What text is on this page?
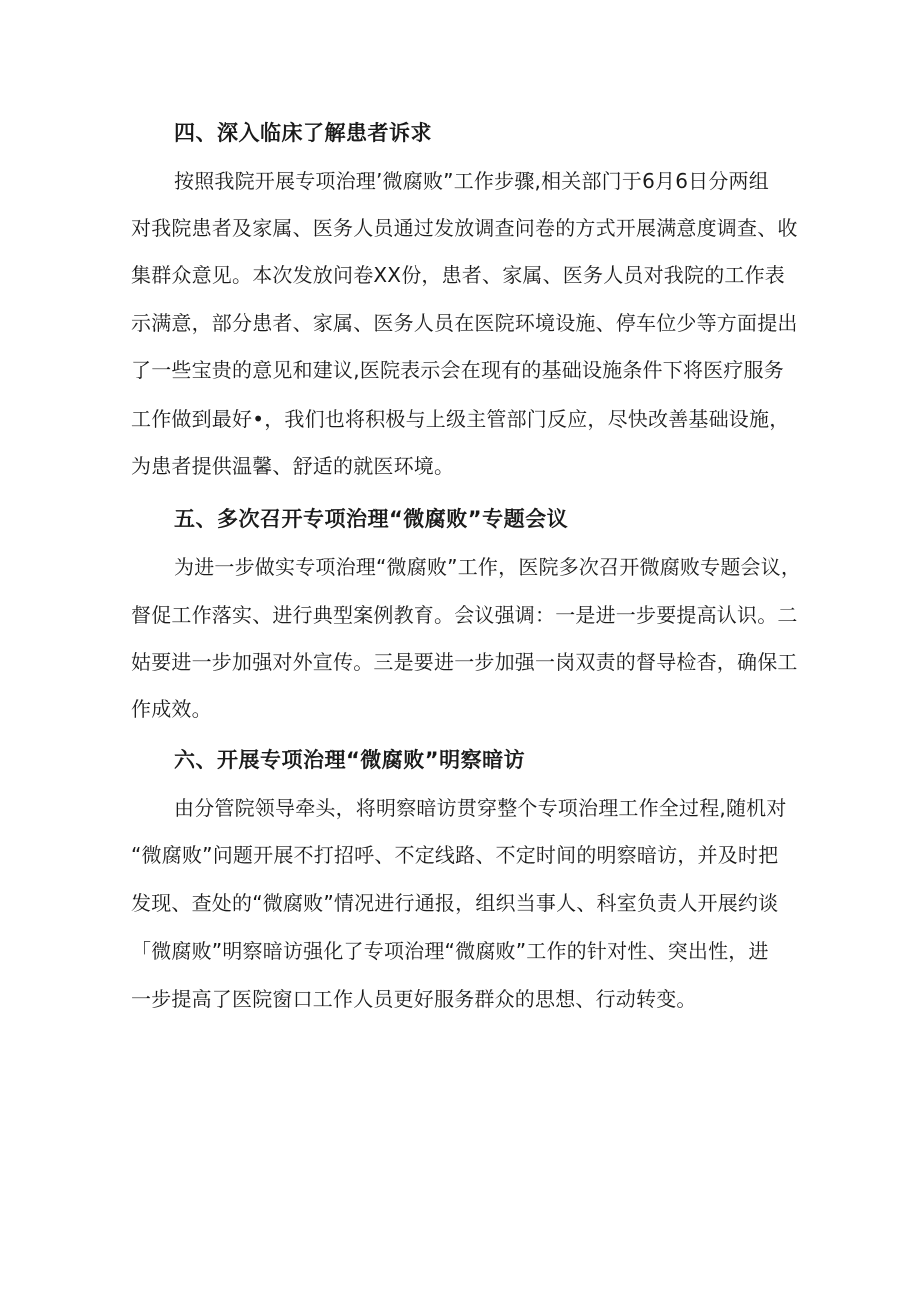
四、深入临床了解患者诉求
按照我院开展专项治理’微腐败”工作步骤,相关部门于6月6日分两组
对我院患者及家属、医务人员通过发放调查问卷的方式开展满意度调查、收
集群众意见。本次发放问卷XX份，患者、家属、医务人员对我院的工作表
示满意，部分患者、家属、医务人员在医院环境设施、停车位少等方面提出
了一些宝贵的意见和建议,医院表示会在现有的基础设施条件下将医疗服务
工作做到最好•，我们也将积极与上级主管部门反应，尽快改善基础设施，
为患者提供温馨、舒适的就医环境。
五、多次召开专项治理“微腐败”专题会议
为进一步做实专项治理“微腐败”工作，医院多次召开微腐败专题会议，
督促工作落实、进行典型案例教育。会议强调：一是进一步要提高认识。二
姑要进一步加强对外宣传。三是要进一步加强一岗双责的督导检杳，确保工
作成效。
六、开展专项治理“微腐败”明察暗访
由分管院领导牵头，将明察暗访贯穿整个专项治理工作全过程,随机对
“微腐败”问题开展不打招呼、不定线路、不定时间的明察暗访，并及时把
发现、查处的“微腐败”情况进行通报，组织当事人、科室负责人开展约谈
「微腐败”明察暗访强化了专项治理“微腐败”工作的针对性、突出性，进
一步提高了医院窗口工作人员更好服务群众的思想、行动转变。
